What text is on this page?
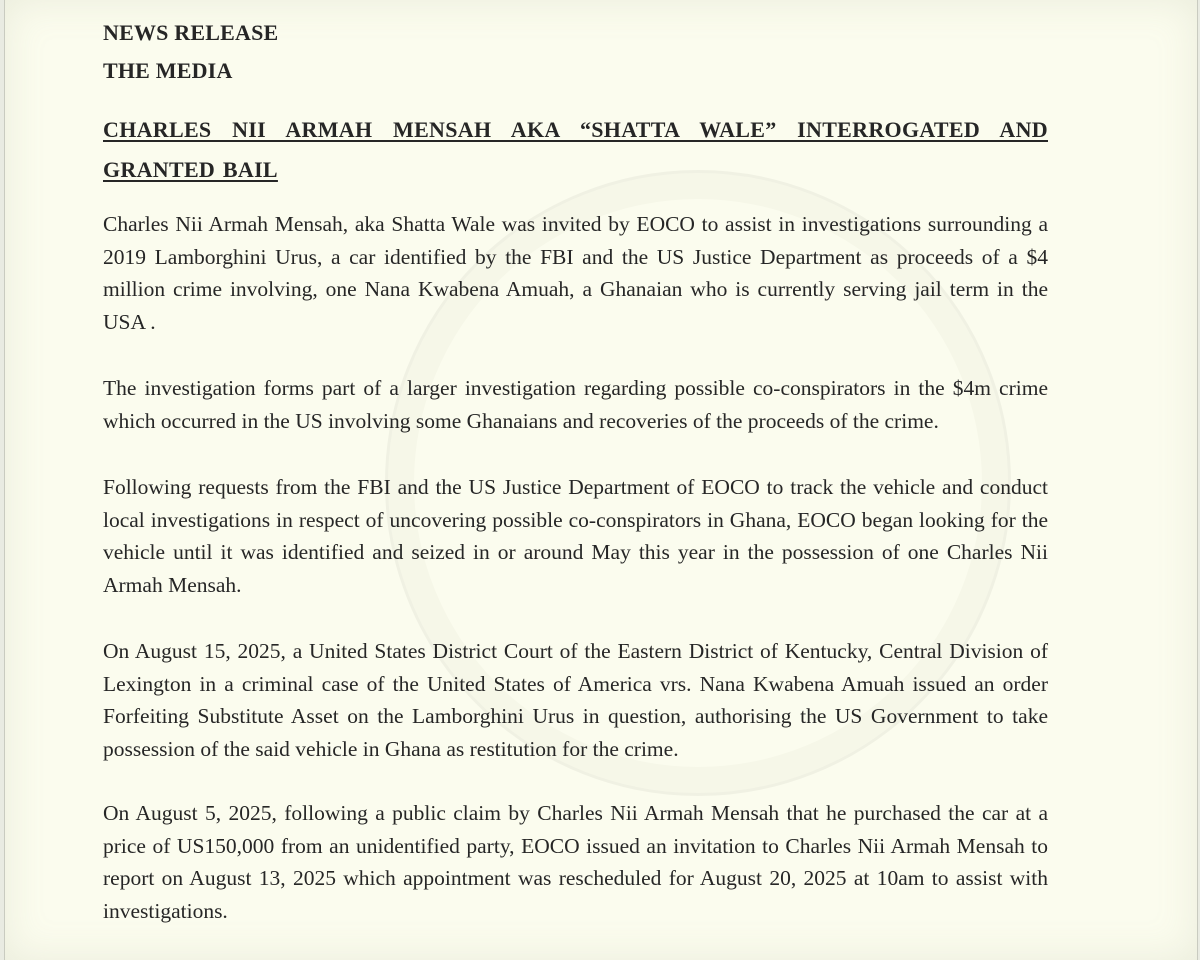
NEWS RELEASE

THE MEDIA

CHARLES NII ARMAH MENSAH AKA “SHATTA WALE” INTERROGATED AND GRANTED BAIL

Charles Nii Armah Mensah, aka Shatta Wale was invited by EOCO to assist in investigations surrounding a 2019 Lamborghini Urus, a car identified by the FBI and the US Justice Department as proceeds of a $4 million crime involving, one Nana Kwabena Amuah, a Ghanaian who is currently serving jail term in the USA .

The investigation forms part of a larger investigation regarding possible co-conspirators in the $4m crime which occurred in the US involving some Ghanaians and recoveries of the proceeds of the crime.

Following requests from the FBI and the US Justice Department of EOCO to track the vehicle and conduct local investigations in respect of uncovering possible co-conspirators in Ghana, EOCO began looking for the vehicle until it was identified and seized in or around May this year in the possession of one Charles Nii Armah Mensah.

On August 15, 2025, a United States District Court of the Eastern District of Kentucky, Central Division of Lexington in a criminal case of the United States of America vrs. Nana Kwabena Amuah issued an order Forfeiting Substitute Asset on the Lamborghini Urus in question, authorising the US Government to take possession of the said vehicle in Ghana as restitution for the crime.

On August 5, 2025, following a public claim by Charles Nii Armah Mensah that he purchased the car at a price of US150,000 from an unidentified party, EOCO issued an invitation to Charles Nii Armah Mensah to report on August 13, 2025 which appointment was rescheduled for August 20, 2025 at 10am to assist with investigations.
